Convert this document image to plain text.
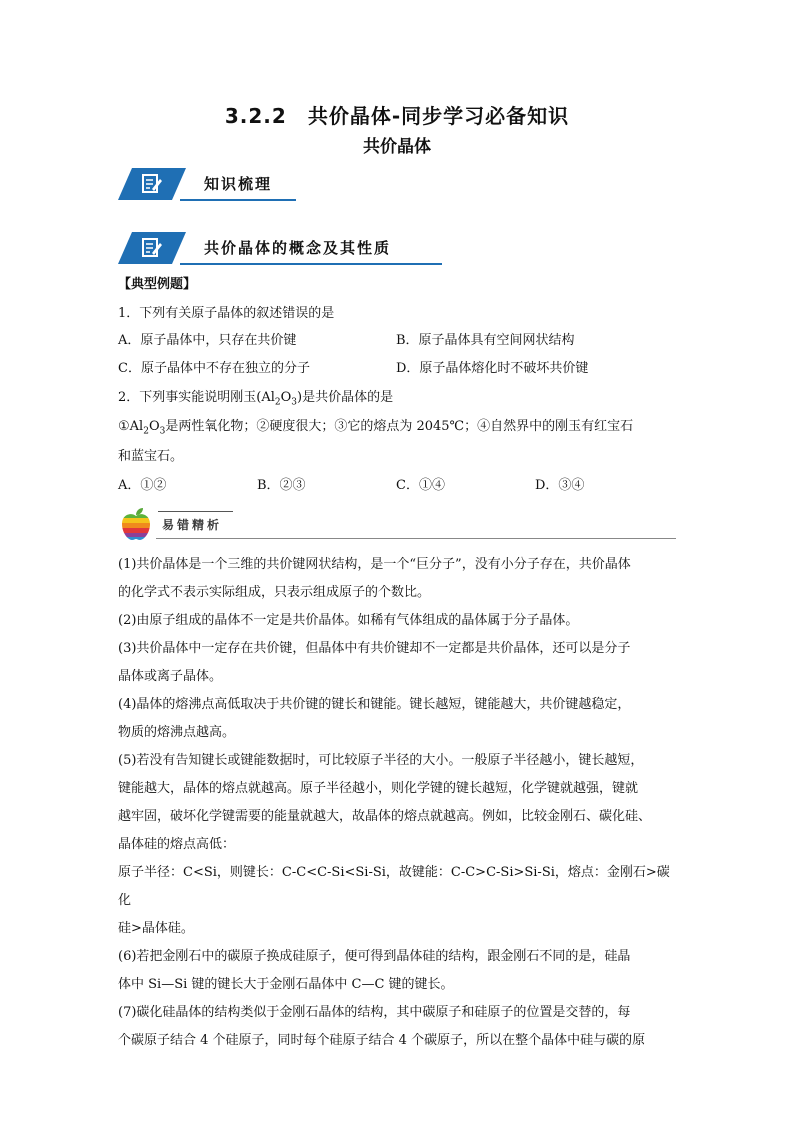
3.2.2　共价晶体-同步学习必备知识
共价晶体
知识梳理
共价晶体的概念及其性质
【典型例题】
1．下列有关原子晶体的叙述错误的是
A．原子晶体中，只存在共价键	B．原子晶体具有空间网状结构
C．原子晶体中不存在独立的分子	D．原子晶体熔化时不破坏共价键
2．下列事实能说明刚玉$(Al_2O_3)$是共价晶体的是
$①Al_2O_3$是两性氧化物；②硬度很大；③它的熔点为 2045℃；④自然界中的刚玉有红宝石
和蓝宝石。
A．①②	B．②③	C．①④	D．③④
易错精析
(1)共价晶体是一个三维的共价键网状结构，是一个“巨分子”，没有小分子存在，共价晶体
的化学式不表示实际组成，只表示组成原子的个数比。
(2)由原子组成的晶体不一定是共价晶体。如稀有气体组成的晶体属于分子晶体。
(3)共价晶体中一定存在共价键，但晶体中有共价键却不一定都是共价晶体，还可以是分子
晶体或离子晶体。
(4)晶体的熔沸点高低取决于共价键的键长和键能。键长越短，键能越大，共价键越稳定，
物质的熔沸点越高。
(5)若没有告知键长或键能数据时，可比较原子半径的大小。一般原子半径越小，键长越短，
键能越大，晶体的熔点就越高。原子半径越小，则化学键的键长越短，化学键就越强，键就
越牢固，破坏化学键需要的能量就越大，故晶体的熔点就越高。例如，比较金刚石、碳化硅、
晶体硅的熔点高低：
原子半径：C<Si，则键长：C-C<C-Si<Si-Si，故键能：C-C>C-Si>Si-Si，熔点：金刚石>碳化
硅>晶体硅。
(6)若把金刚石中的碳原子换成硅原子，便可得到晶体硅的结构，跟金刚石不同的是，硅晶
体中 Si—Si 键的键长大于金刚石晶体中 C—C 键的键长。
(7)碳化硅晶体的结构类似于金刚石晶体的结构，其中碳原子和硅原子的位置是交替的，每
个碳原子结合 4 个硅原子，同时每个硅原子结合 4 个碳原子，所以在整个晶体中硅与碳的原
